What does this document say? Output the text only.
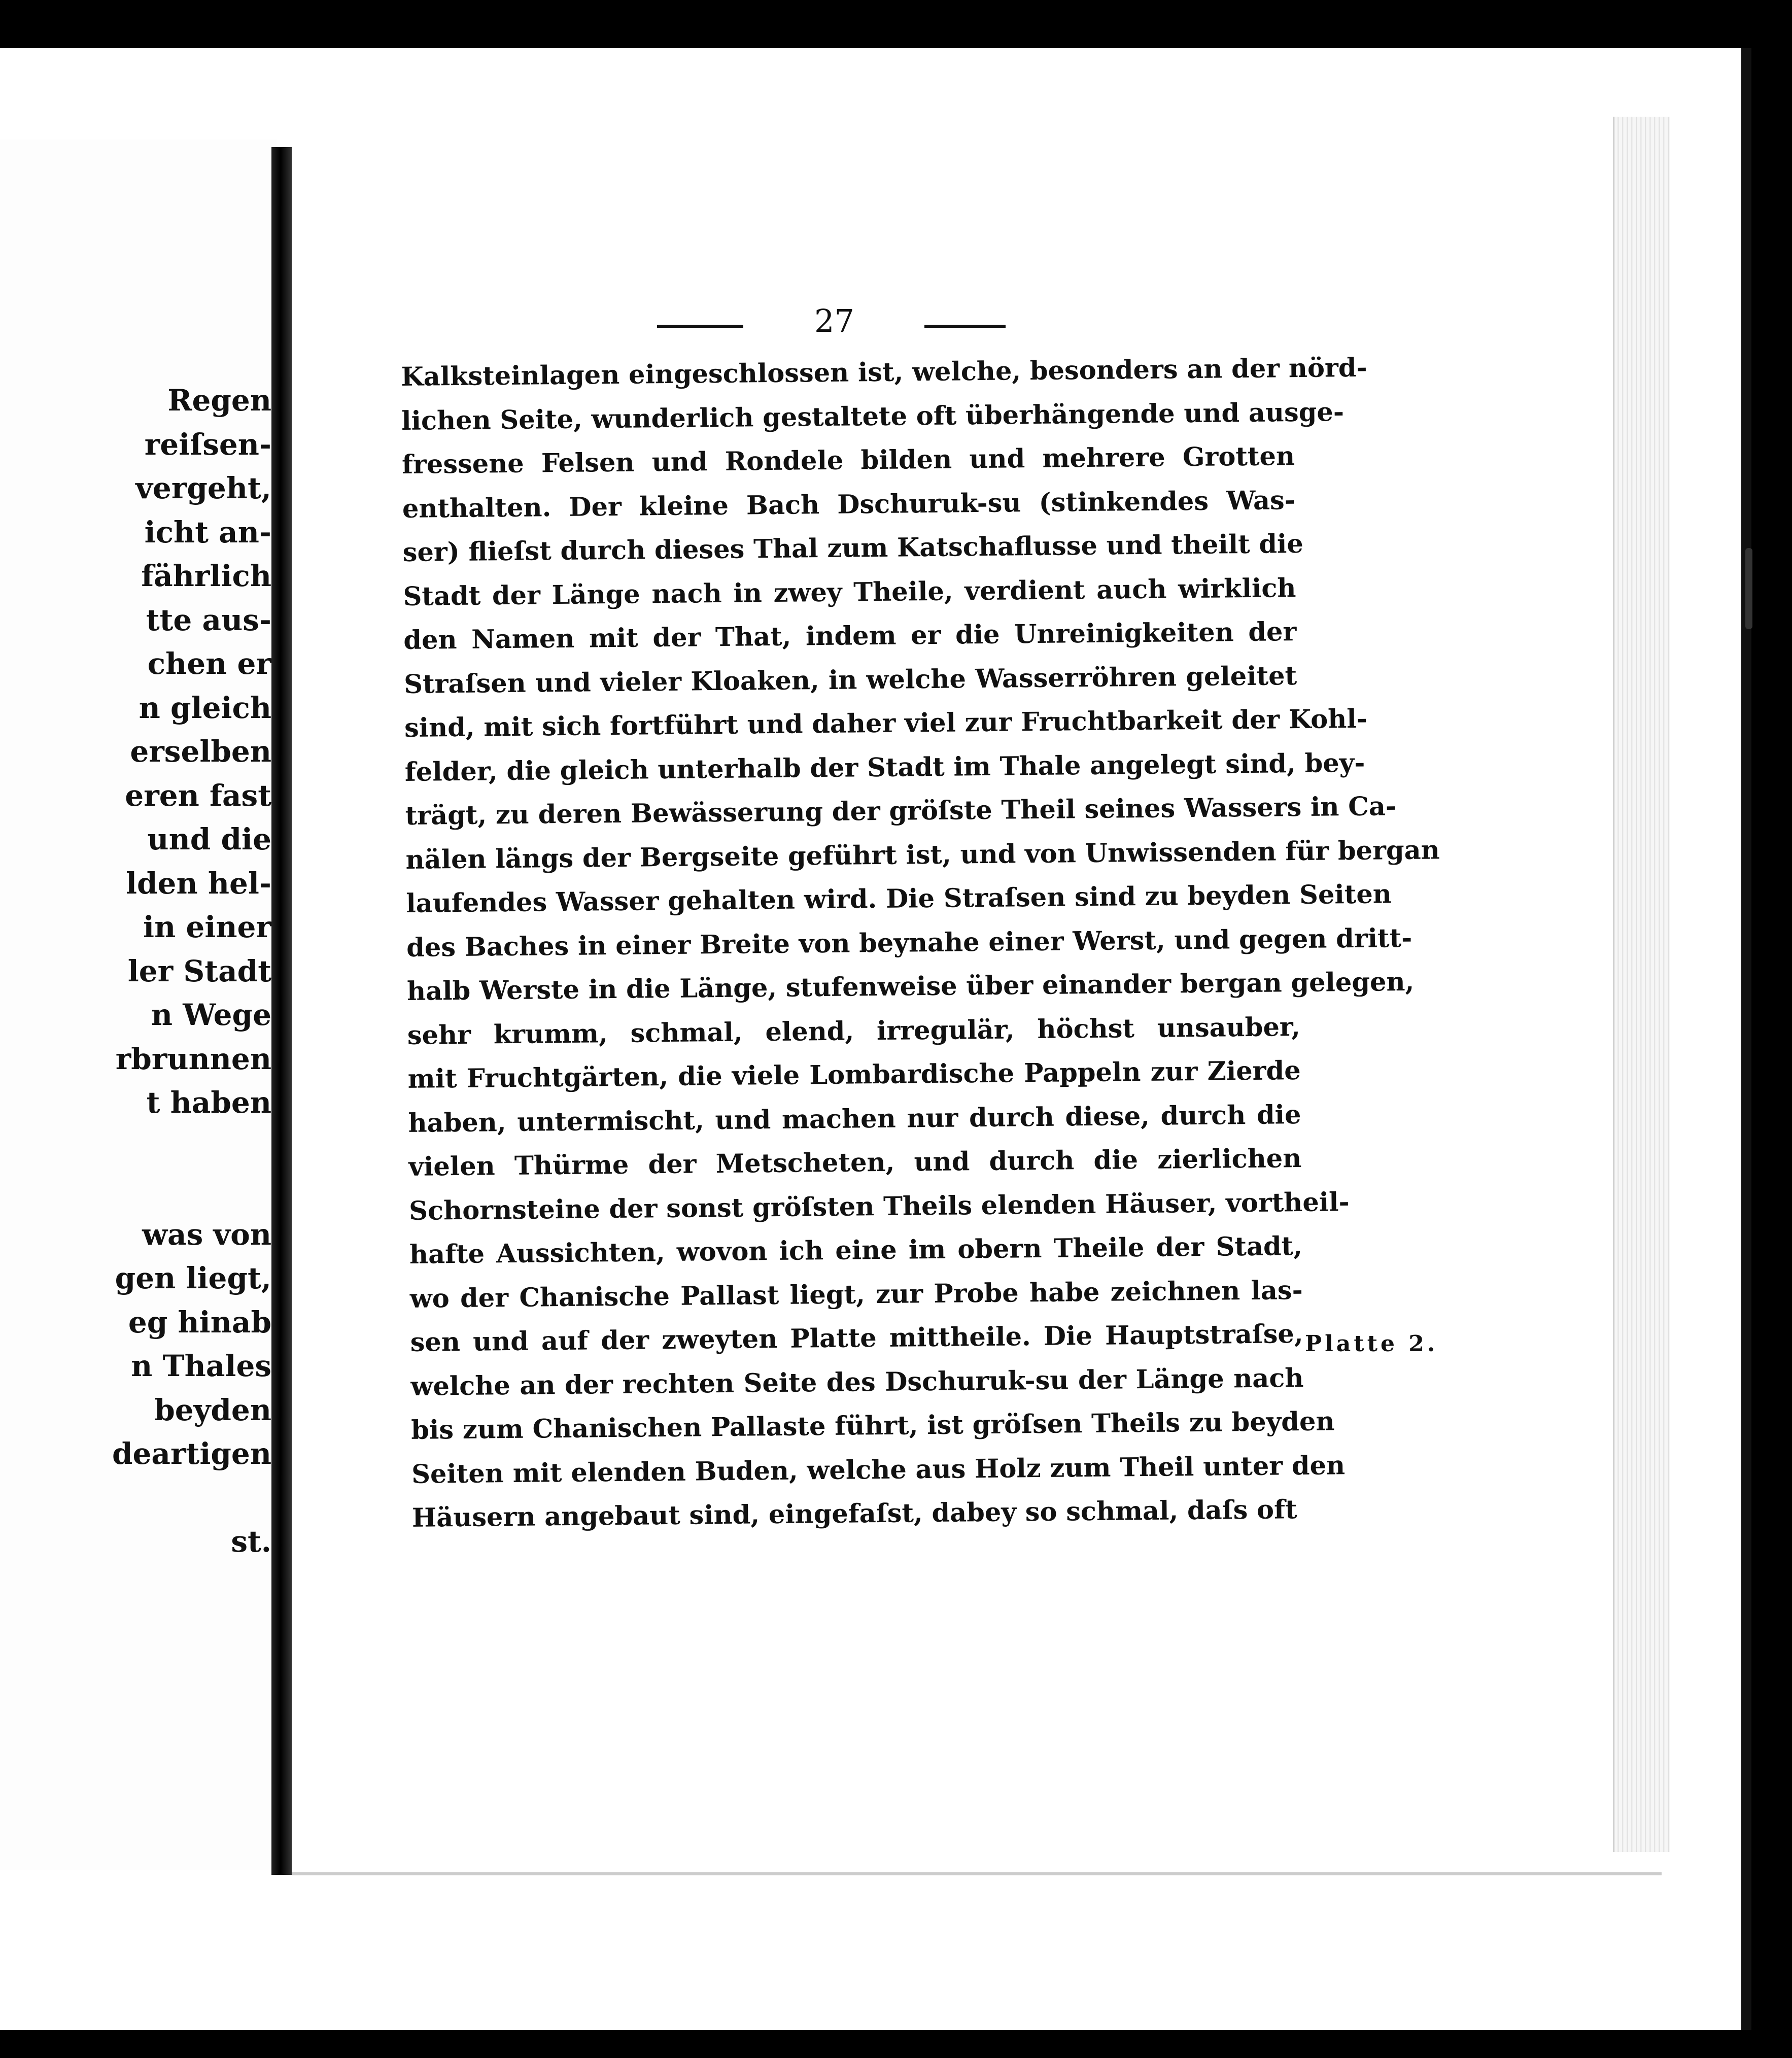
Regen
reiſsen-
vergeht,
icht an-
fährlich
tte aus-
chen er
n gleich
erselben
eren fast
und die
lden hel-
in einer
ler Stadt
n Wege
rbrunnen
t haben
was von
gen liegt,
eg hinab
n Thales
beyden
deartigen
st.
27
Kalksteinlagen eingeschlossen ist, welche, besonders an der nörd-
lichen Seite, wunderlich gestaltete oft überhängende und ausge-
fressene Felsen und Rondele bilden und mehrere Grotten
enthalten. Der kleine Bach Dschuruk-su (stinkendes Was-
ser) flieſst durch dieses Thal zum Katschaflusse und theilt die
Stadt der Länge nach in zwey Theile, verdient auch wirklich
den Namen mit der That, indem er die Unreinigkeiten der
Straſsen und vieler Kloaken, in welche Wasserröhren geleitet
sind, mit sich fortführt und daher viel zur Fruchtbarkeit der Kohl-
felder, die gleich unterhalb der Stadt im Thale angelegt sind, bey-
trägt, zu deren Bewässerung der gröſste Theil seines Wassers in Ca-
nälen längs der Bergseite geführt ist, und von Unwissenden für bergan
laufendes Wasser gehalten wird. Die Straſsen sind zu beyden Seiten
des Baches in einer Breite von beynahe einer Werst, und gegen dritt-
halb Werste in die Länge, stufenweise über einander bergan gelegen,
sehr krumm, schmal, elend, irregulär, höchst unsauber,
mit Fruchtgärten, die viele Lombardische Pappeln zur Zierde
haben, untermischt, und machen nur durch diese, durch die
vielen Thürme der Metscheten, und durch die zierlichen
Schornsteine der sonst gröſsten Theils elenden Häuser, vortheil-
hafte Aussichten, wovon ich eine im obern Theile der Stadt,
wo der Chanische Pallast liegt, zur Probe habe zeichnen las-
sen und auf der zweyten Platte mittheile. Die Hauptstraſse,
welche an der rechten Seite des Dschuruk-su der Länge nach
bis zum Chanischen Pallaste führt, ist gröſsen Theils zu beyden
Seiten mit elenden Buden, welche aus Holz zum Theil unter den
Häusern angebaut sind, eingefaſst, dabey so schmal, daſs oft
Platte 2.
